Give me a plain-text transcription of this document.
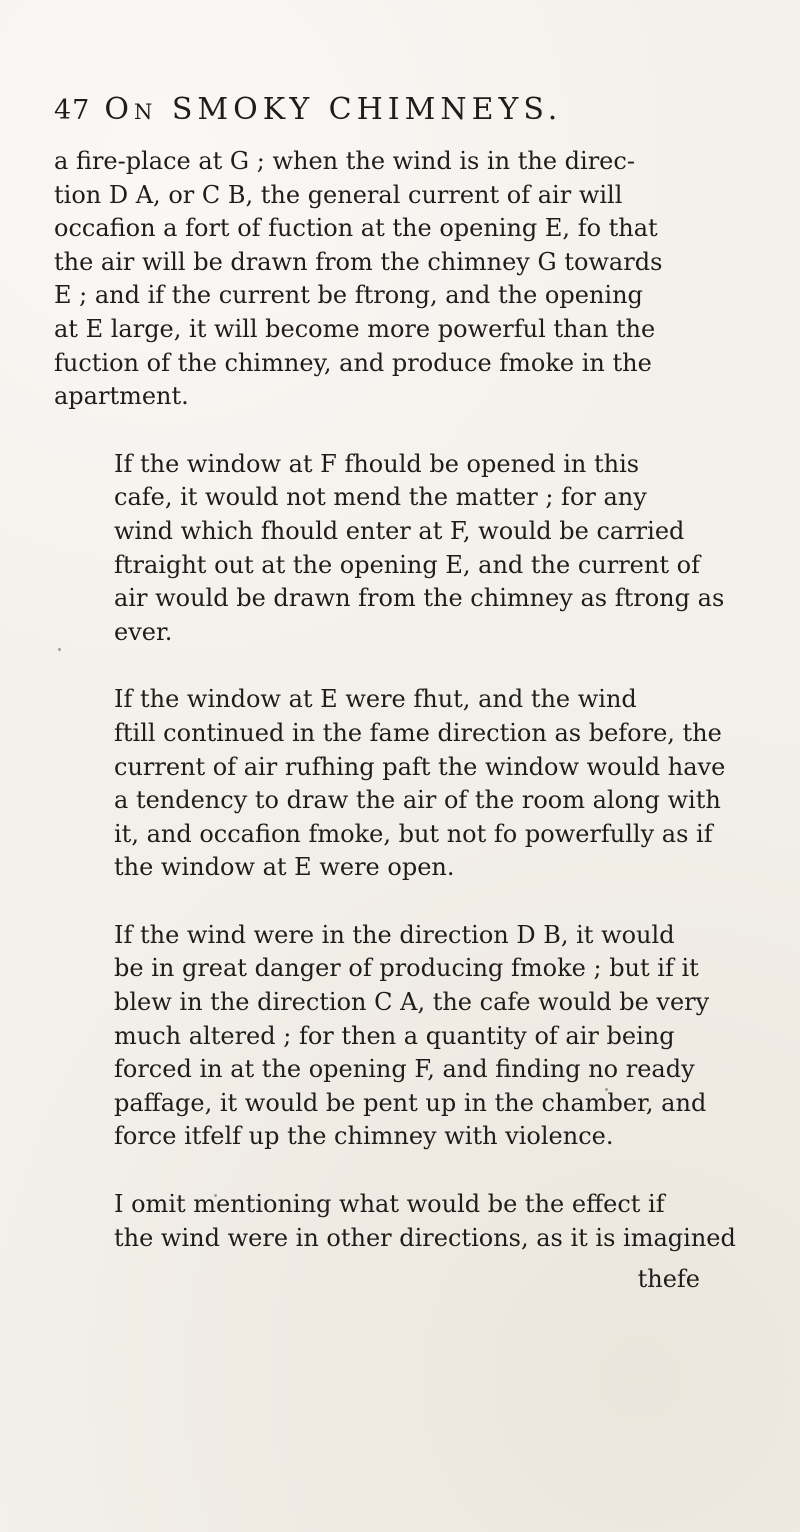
47 On SMOKY CHIMNEYS.

a fire-place at G ; when the wind is in the direc-
tion D A, or C B, the general current of air will
occafion a fort of fuction at the opening E, fo that
the air will be drawn from the chimney G towards
E ; and if the current be ftrong, and the opening
at E large, it will become more powerful than the
fuction of the chimney, and produce fmoke in the
apartment.

If the window at F fhould be opened in this
cafe, it would not mend the matter ; for any
wind which fhould enter at F, would be carried
ftraight out at the opening E, and the current of
air would be drawn from the chimney as ftrong as
ever.

If the window at E were fhut, and the wind
ftill continued in the fame direction as before, the
current of air rufhing paft the window would have
a tendency to draw the air of the room along with
it, and occafion fmoke, but not fo powerfully as if
the window at E were open.

If the wind were in the direction D B, it would
be in great danger of producing fmoke ; but if it
blew in the direction C A, the cafe would be very
much altered ; for then a quantity of air being
forced in at the opening F, and finding no ready
paffage, it would be pent up in the chamber, and
force itfelf up the chimney with violence.

I omit mentioning what would be the effect if
the wind were in other directions, as it is imagined

thefe
